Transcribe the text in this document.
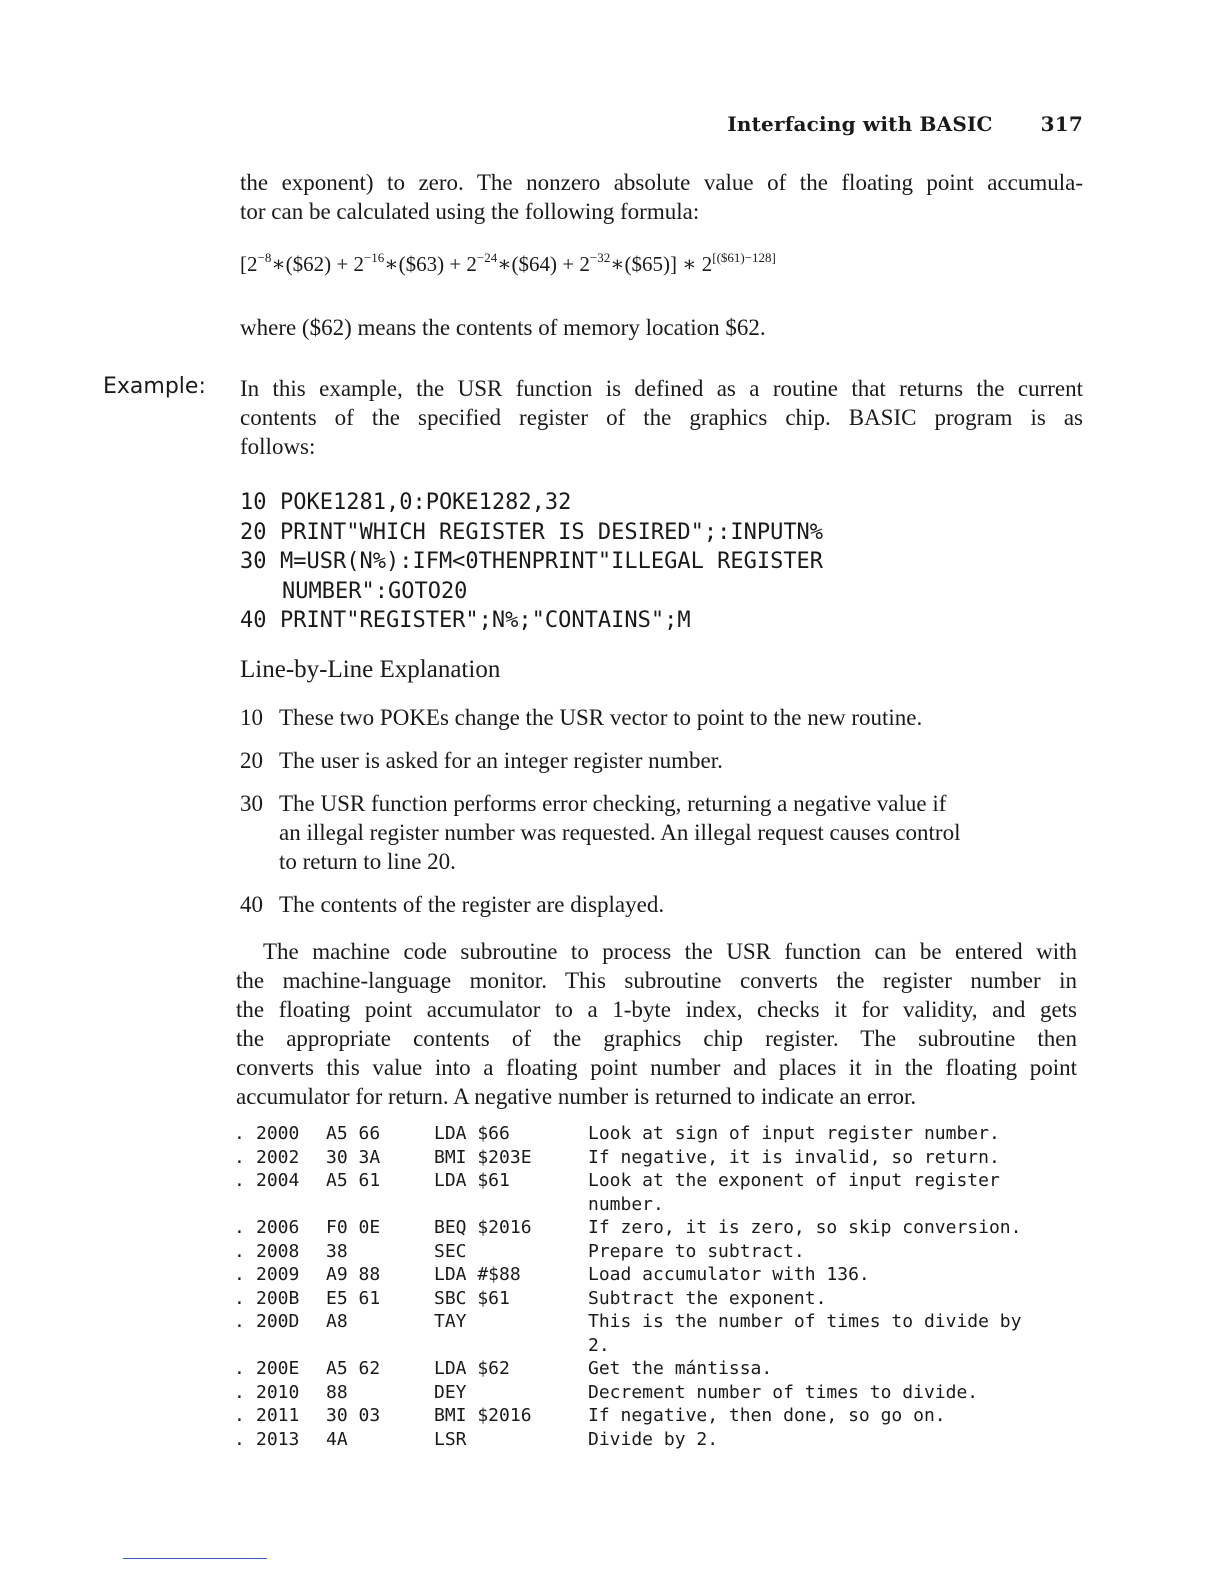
Interfacing with BASIC 317
the exponent) to zero. The nonzero absolute value of the floating point accumula-
tor can be calculated using the following formula:
[$2^{-8}∗(\$62)$ + $2^{-16}∗(\$63)$ + $2^{-24}∗(\$64)$ + $2^{-32}∗(\$65)$] ∗ 2[($61)−128]
where ($62) means the contents of memory location $62.
Example: In this example, the USR function is defined as a routine that returns the current
contents of the specified register of the graphics chip. BASIC program is as
follows:
10 POKE1281,0:POKE1282,32
20 PRINT"WHICH REGISTER IS DESIRED";:INPUTN%
30 M=USR(N%):IFM<0THENPRINT"ILLEGAL REGISTER
NUMBER":GOTO20
40 PRINT"REGISTER";N%;"CONTAINS";M
Line-by-Line Explanation
10 These two POKEs change the USR vector to point to the new routine.
20 The user is asked for an integer register number.
30 The USR function performs error checking, returning a negative value if
an illegal register number was requested. An illegal request causes control
to return to line 20.
40 The contents of the register are displayed.
The machine code subroutine to process the USR function can be entered with
the machine-language monitor. This subroutine converts the register number in
the floating point accumulator to a 1-byte index, checks it for validity, and gets
the appropriate contents of the graphics chip register. The subroutine then
converts this value into a floating point number and places it in the floating point
accumulator for return. A negative number is returned to indicate an error.
. 2000	A5 66	LDA $66	Look at sign of input register number.
. 2002	30 3A	BMI $203E	If negative, it is invalid, so return.
. 2004	A5 61	LDA $61	Look at the exponent of input register
number.
. 2006	F0 0E	BEQ $2016	If zero, it is zero, so skip conversion.
. 2008	38	SEC	Prepare to subtract.
. 2009	A9 88	LDA #$88	Load accumulator with 136.
. 200B	E5 61	SBC $61	Subtract the exponent.
. 200D	A8	TAY	This is the number of times to divide by
2.
. 200E	A5 62	LDA $62	Get the mántissa.
. 2010	88	DEY	Decrement number of times to divide.
. 2011	30 03	BMI $2016	If negative, then done, so go on.
. 2013	4A	LSR	Divide by 2.
